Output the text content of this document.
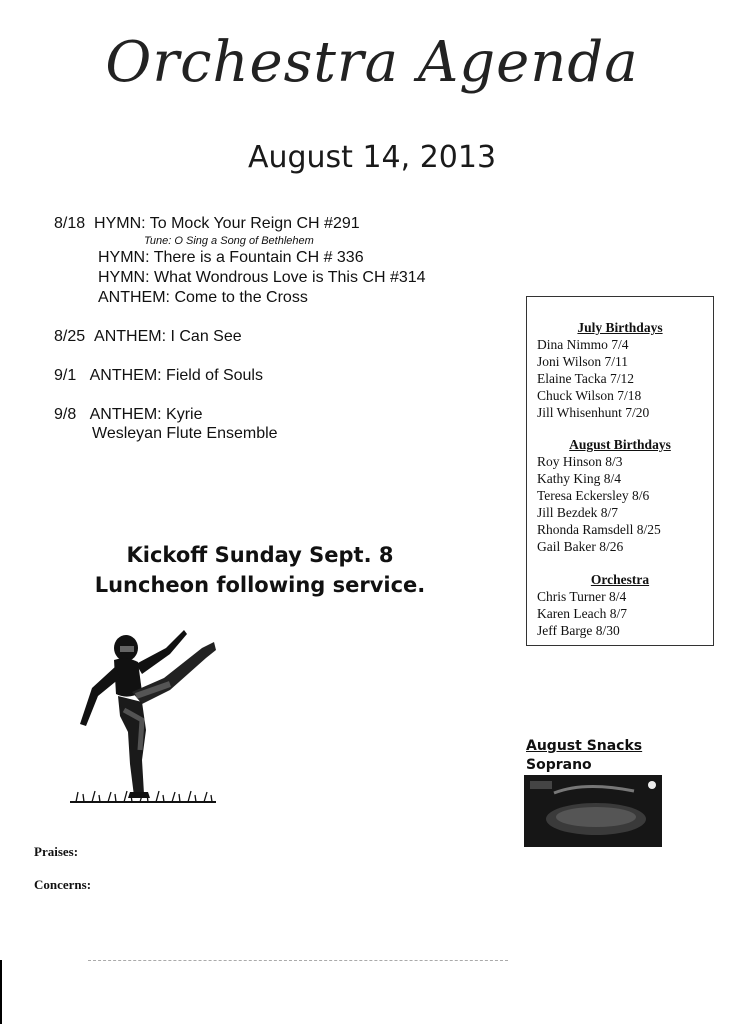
Orchestra Agenda
August 14, 2013
8/18 HYMN: To Mock Your Reign CH #291
Tune: O Sing a Song of Bethlehem
HYMN: There is a Fountain CH # 336
HYMN: What Wondrous Love is This CH #314
ANTHEM: Come to the Cross
8/25 ANTHEM: I Can See
9/1 ANTHEM: Field of Souls
9/8 ANTHEM: Kyrie
Wesleyan Flute Ensemble
July Birthdays
Dina Nimmo 7/4
Joni Wilson 7/11
Elaine Tacka 7/12
Chuck Wilson 7/18
Jill Whisenhunt 7/20
August Birthdays
Roy Hinson 8/3
Kathy King 8/4
Teresa Eckersley 8/6
Jill Bezdek 8/7
Rhonda Ramsdell 8/25
Gail Baker 8/26
Orchestra
Chris Turner 8/4
Karen Leach 8/7
Jeff Barge 8/30
Kickoff Sunday Sept. 8
Luncheon following service.
August Snacks
Soprano
Praises:
Concerns:
